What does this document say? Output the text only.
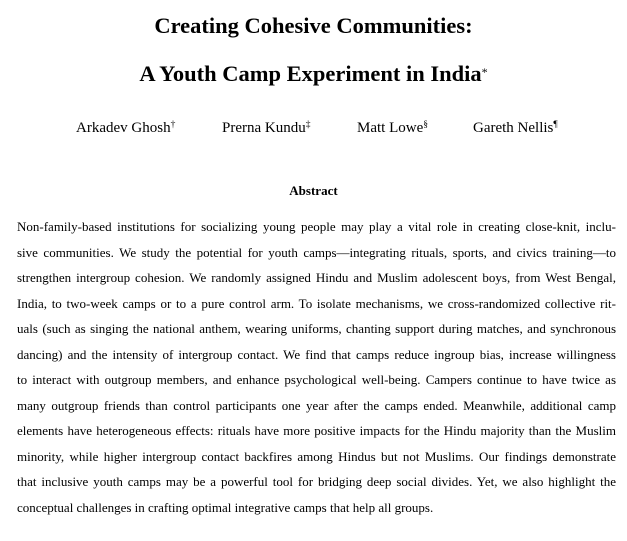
Creating Cohesive Communities:
A Youth Camp Experiment in India*
Arkadev Ghosh†	Prerna Kundu‡	Matt Lowe§	Gareth Nellis¶
Abstract
Non-family-based institutions for socializing young people may play a vital role in creating close-knit, inclu-
sive communities. We study the potential for youth camps—integrating rituals, sports, and civics training—to
strengthen intergroup cohesion. We randomly assigned Hindu and Muslim adolescent boys, from West Bengal,
India, to two-week camps or to a pure control arm. To isolate mechanisms, we cross-randomized collective rit-
uals (such as singing the national anthem, wearing uniforms, chanting support during matches, and synchronous
dancing) and the intensity of intergroup contact. We find that camps reduce ingroup bias, increase willingness
to interact with outgroup members, and enhance psychological well-being. Campers continue to have twice as
many outgroup friends than control participants one year after the camps ended. Meanwhile, additional camp
elements have heterogeneous effects: rituals have more positive impacts for the Hindu majority than the Muslim
minority, while higher intergroup contact backfires among Hindus but not Muslims. Our findings demonstrate
that inclusive youth camps may be a powerful tool for bridging deep social divides. Yet, we also highlight the
conceptual challenges in crafting optimal integrative camps that help all groups.
